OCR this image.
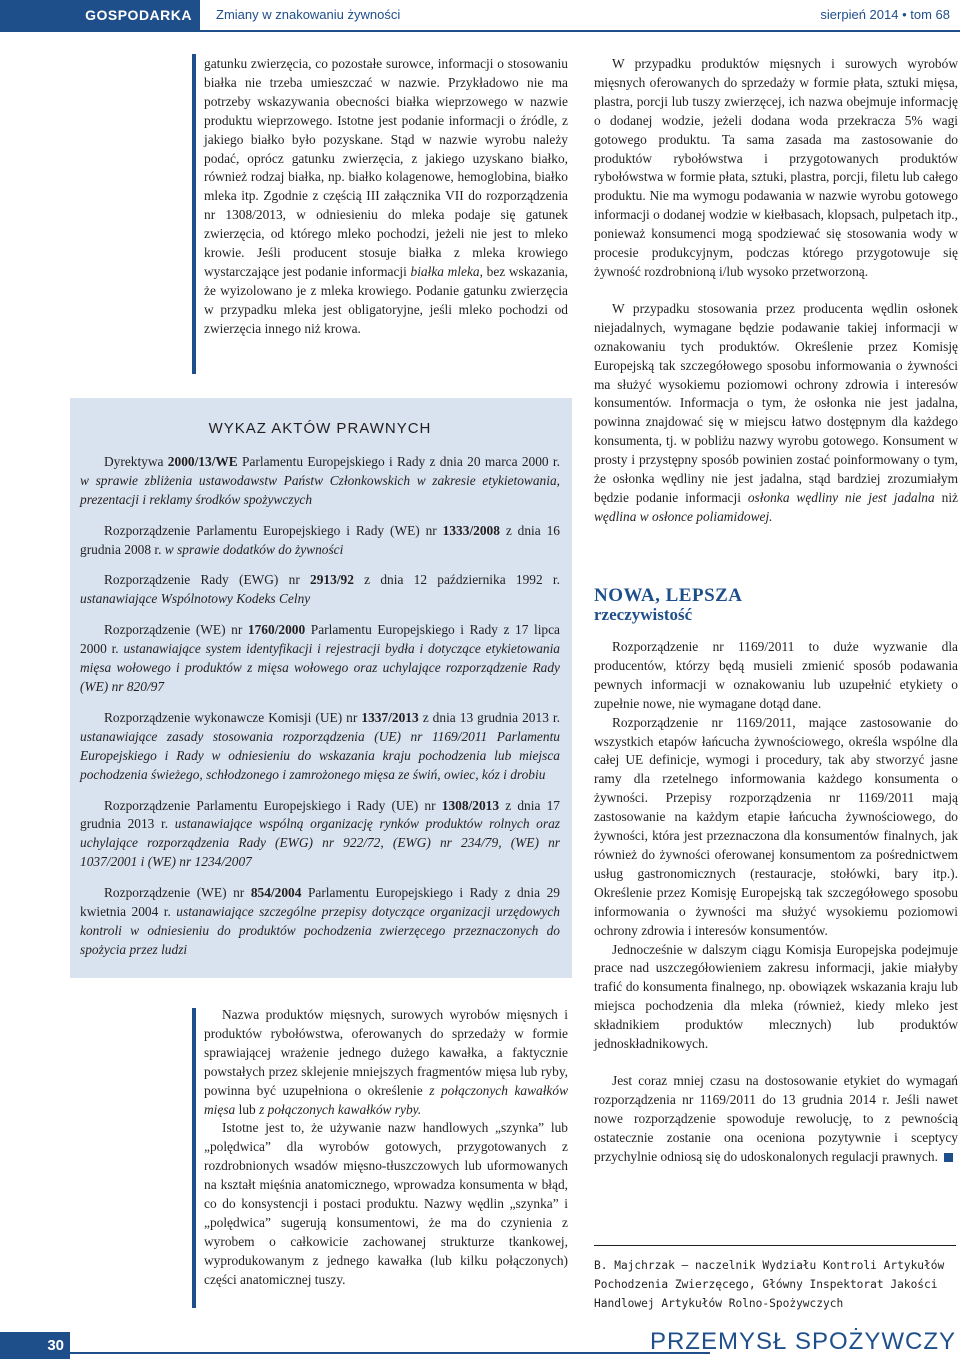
GOSPODARKA	Zmiany w znakowaniu żywności	sierpień 2014 • tom 68

gatunku zwierzęcia, co pozostałe surowce, informacji o stosowaniu białka nie trzeba umieszczać w nazwie. Przykładowo nie ma potrzeby wskazywania obecności białka wieprzowego w nazwie produktu wieprzowego. Istotne jest podanie informacji o źródle, z jakiego białko było pozyskane. Stąd w nazwie wyrobu należy podać, oprócz gatunku zwierzęcia, z jakiego uzyskano białko, również rodzaj białka, np. białko kolagenowe, hemoglobina, białko mleka itp. Zgodnie z częścią III załącznika VII do rozporządzenia nr 1308/2013, w odniesieniu do mleka podaje się gatunek zwierzęcia, od którego mleko pochodzi, jeżeli nie jest to mleko krowie. Jeśli producent stosuje białka z mleka krowiego wystarczające jest podanie informacji białka mleka, bez wskazania, że wyizolowano je z mleka krowiego. Podanie gatunku zwierzęcia w przypadku mleka jest obligatoryjne, jeśli mleko pochodzi od zwierzęcia innego niż krowa.

WYKAZ AKTÓW PRAWNYCH

Dyrektywa 2000/13/WE Parlamentu Europejskiego i Rady z dnia 20 marca 2000 r. w sprawie zbliżenia ustawodawstw Państw Członkowskich w zakresie etykietowania, prezentacji i reklamy środków spożywczych

Rozporządzenie Parlamentu Europejskiego i Rady (WE) nr 1333/2008 z dnia 16 grudnia 2008 r. w sprawie dodatków do żywności

Rozporządzenie Rady (EWG) nr 2913/92 z dnia 12 października 1992 r. ustanawiające Wspólnotowy Kodeks Celny

Rozporządzenie (WE) nr 1760/2000 Parlamentu Europejskiego i Rady z 17 lipca 2000 r. ustanawiające system identyfikacji i rejestracji bydła i dotyczące etykietowania mięsa wołowego i produktów z mięsa wołowego oraz uchylające rozporządzenie Rady (WE) nr 820/97

Rozporządzenie wykonawcze Komisji (UE) nr 1337/2013 z dnia 13 grudnia 2013 r. ustanawiające zasady stosowania rozporządzenia (UE) nr 1169/2011 Parlamentu Europejskiego i Rady w odniesieniu do wskazania kraju pochodzenia lub miejsca pochodzenia świeżego, schłodzonego i zamrożonego mięsa ze świń, owiec, kóz i drobiu

Rozporządzenie Parlamentu Europejskiego i Rady (UE) nr 1308/2013 z dnia 17 grudnia 2013 r. ustanawiające wspólną organizację rynków produktów rolnych oraz uchylające rozporządzenia Rady (EWG) nr 922/72, (EWG) nr 234/79, (WE) nr 1037/2001 i (WE) nr 1234/2007

Rozporządzenie (WE) nr 854/2004 Parlamentu Europejskiego i Rady z dnia 29 kwietnia 2004 r. ustanawiające szczególne przepisy dotyczące organizacji urzędowych kontroli w odniesieniu do produktów pochodzenia zwierzęcego przeznaczonych do spożycia przez ludzi

Nazwa produktów mięsnych, surowych wyrobów mięsnych i produktów rybołówstwa, oferowanych do sprzedaży w formie sprawiającej wrażenie jednego dużego kawałka, a faktycznie powstałych przez sklejenie mniejszych fragmentów mięsa lub ryby, powinna być uzupełniona o określenie z połączonych kawałków mięsa lub z połączonych kawałków ryby.

Istotne jest to, że używanie nazw handlowych „szynka” lub „polędwica” dla wyrobów gotowych, przygotowanych z rozdrobnionych wsadów mięsno-tłuszczowych lub uformowanych na kształt mięśnia anatomicznego, wprowadza konsumenta w błąd, co do konsystencji i postaci produktu. Nazwy wędlin „szynka” i „polędwica” sugerują konsumentowi, że ma do czynienia z wyrobem o całkowicie zachowanej strukturze tkankowej, wyprodukowanym z jednego kawałka (lub kilku połączonych) części anatomicznej tuszy.

W przypadku produktów mięsnych i surowych wyrobów mięsnych oferowanych do sprzedaży w formie płata, sztuki mięsa, plastra, porcji lub tuszy zwierzęcej, ich nazwa obejmuje informację o dodanej wodzie, jeżeli dodana woda przekracza 5% wagi gotowego produktu. Ta sama zasada ma zastosowanie do produktów rybołówstwa i przygotowanych produktów rybołówstwa w formie płata, sztuki, plastra, porcji, filetu lub całego produktu. Nie ma wymogu podawania w nazwie wyrobu gotowego informacji o dodanej wodzie w kiełbasach, klopsach, pulpetach itp., ponieważ konsumenci mogą spodziewać się stosowania wody w procesie produkcyjnym, podczas którego przygotowuje się żywność rozdrobnioną i/lub wysoko przetworzoną.

W przypadku stosowania przez producenta wędlin osłonek niejadalnych, wymagane będzie podawanie takiej informacji w oznakowaniu tych produktów. Określenie przez Komisję Europejską tak szczegółowego sposobu informowania o żywności ma służyć wysokiemu poziomowi ochrony zdrowia i interesów konsumentów. Informacja o tym, że osłonka nie jest jadalna, powinna znajdować się w miejscu łatwo dostępnym dla każdego konsumenta, tj. w pobliżu nazwy wyrobu gotowego. Konsument w prosty i przystępny sposób powinien zostać poinformowany o tym, że osłonka wędliny nie jest jadalna, stąd bardziej zrozumiałym będzie podanie informacji osłonka wędliny nie jest jadalna niż wędlina w osłonce poliamidowej.

NOWA, LEPSZA
rzeczywistość

Rozporządzenie nr 1169/2011 to duże wyzwanie dla producentów, którzy będą musieli zmienić sposób podawania pewnych informacji w oznakowaniu lub uzupełnić etykiety o zupełnie nowe, nie wymagane dotąd dane.

Rozporządzenie nr 1169/2011, mające zastosowanie do wszystkich etapów łańcucha żywnościowego, określa wspólne dla całej UE definicje, wymogi i procedury, tak aby stworzyć jasne ramy dla rzetelnego informowania każdego konsumenta o żywności. Przepisy rozporządzenia nr 1169/2011 mają zastosowanie na każdym etapie łańcucha żywnościowego, do żywności, która jest przeznaczona dla konsumentów finalnych, jak również do żywności oferowanej konsumentom za pośrednictwem usług gastronomicznych (restauracje, stołówki, bary itp.). Określenie przez Komisję Europejską tak szczegółowego sposobu informowania o żywności ma służyć wysokiemu poziomowi ochrony zdrowia i interesów konsumentów.

Jednocześnie w dalszym ciągu Komisja Europejska podejmuje prace nad uszczegółowieniem zakresu informacji, jakie miałyby trafić do konsumenta finalnego, np. obowiązek wskazania kraju lub miejsca pochodzenia dla mleka (również, kiedy mleko jest składnikiem produktów mlecznych) lub produktów jednoskładnikowych.

Jest coraz mniej czasu na dostosowanie etykiet do wymagań rozporządzenia nr 1169/2011 do 13 grudnia 2014 r. Jeśli nawet nowe rozporządzenie spowoduje rewolucję, to z pewnością ostatecznie zostanie ona oceniona pozytywnie i sceptycy przychylnie odniosą się do udoskonalonych regulacji prawnych.

B. Majchrzak – naczelnik Wydziału Kontroli Artykułów Pochodzenia Zwierzęcego, Główny Inspektorat Jakości Handlowej Artykułów Rolno-Spożywczych
30	PRZEMYSŁ SPOŻYWCZY
